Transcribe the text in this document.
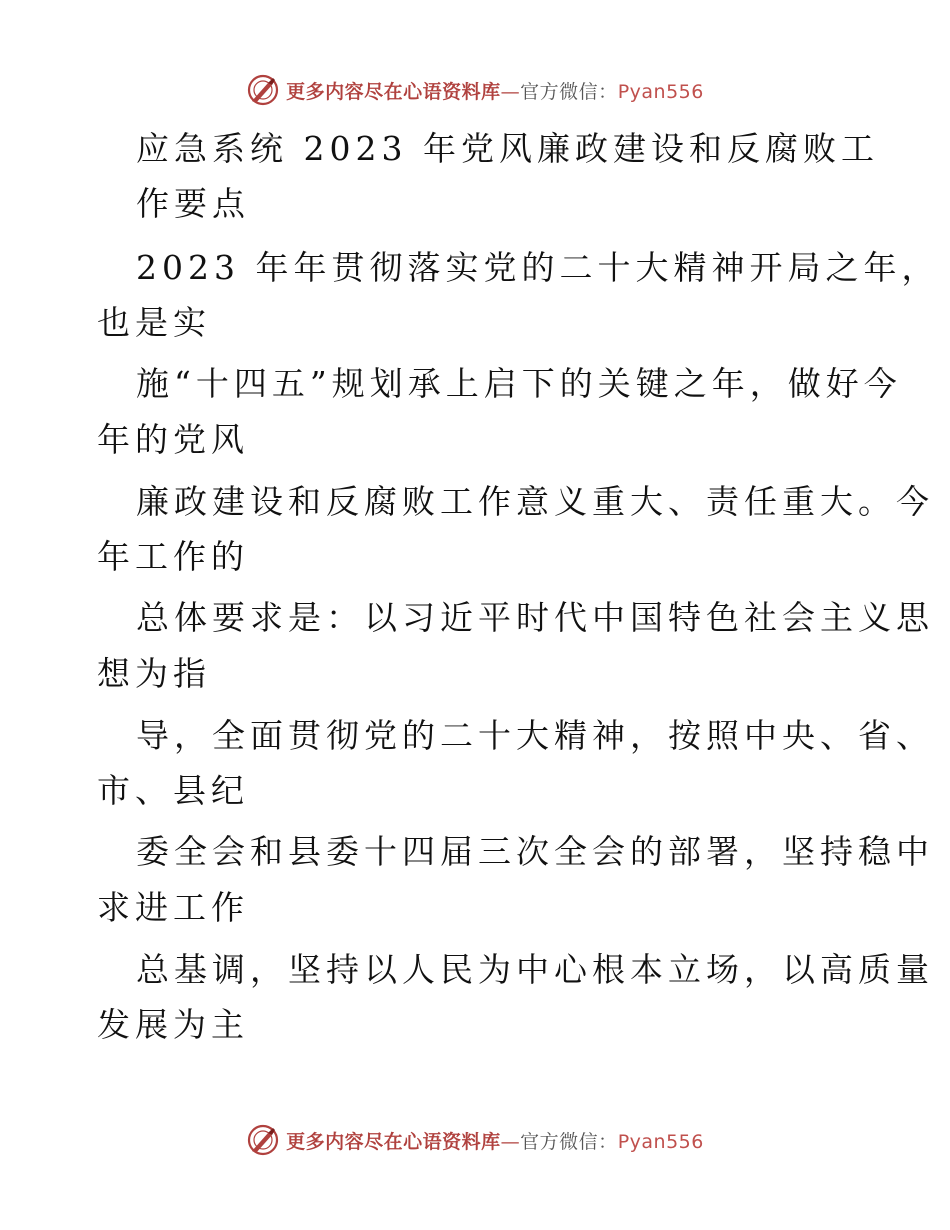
更多内容尽在心语资料库—官方微信：Pyan556
应急系统 2023 年党风廉政建设和反腐败工
作要点
2023 年年贯彻落实党的二十大精神开局之年，
也是实
施“十四五”规划承上启下的关键之年，做好今
年的党风
廉政建设和反腐败工作意义重大、责任重大。今
年工作的
总体要求是：以习近平时代中国特色社会主义思
想为指
导，全面贯彻党的二十大精神，按照中央、省、
市、县纪
委全会和县委十四届三次全会的部署，坚持稳中
求进工作
总基调，坚持以人民为中心根本立场，以高质量
发展为主
更多内容尽在心语资料库—官方微信：Pyan556
